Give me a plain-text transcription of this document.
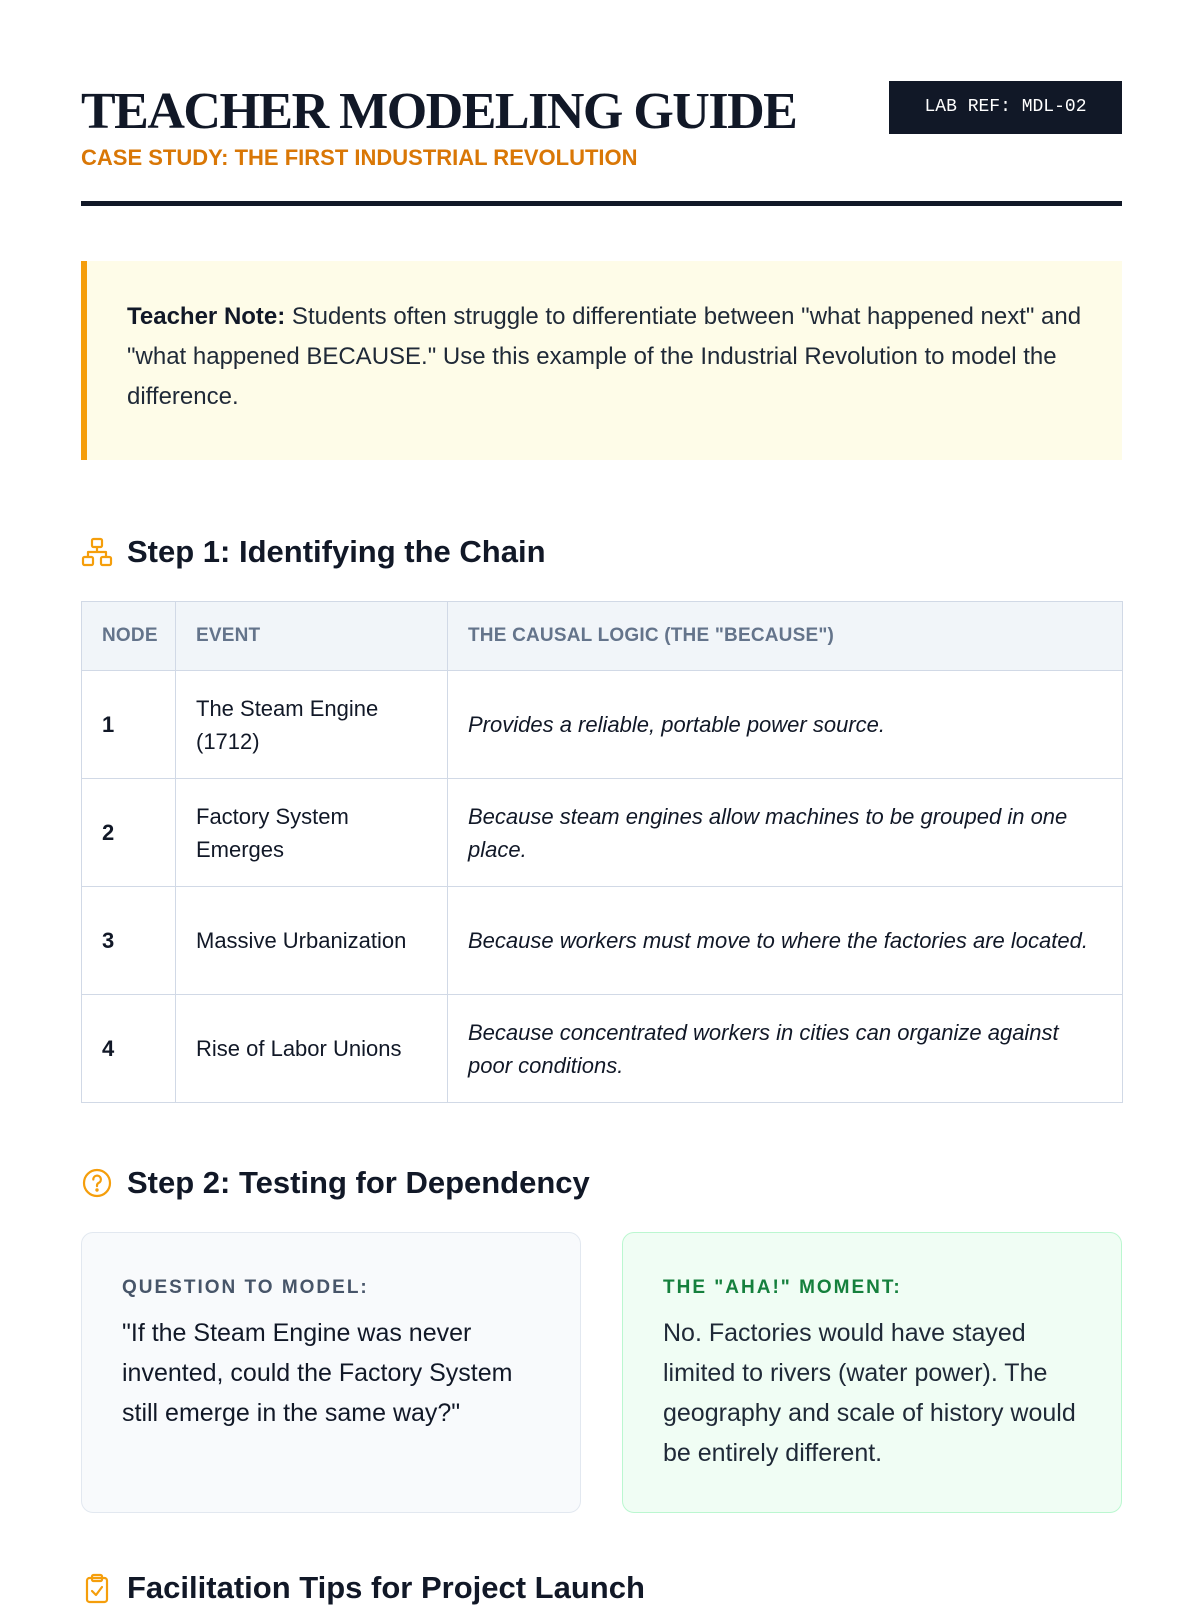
TEACHER MODELING GUIDE
CASE STUDY: THE FIRST INDUSTRIAL REVOLUTION
LAB REF: MDL-02

Teacher Note: Students often struggle to differentiate between "what happened next" and "what happened BECAUSE." Use this example of the Industrial Revolution to model the difference.

Step 1: Identifying the Chain
NODE	EVENT	THE CAUSAL LOGIC (THE "BECAUSE")
1	The Steam Engine (1712)	Provides a reliable, portable power source.
2	Factory System Emerges	Because steam engines allow machines to be grouped in one place.
3	Massive Urbanization	Because workers must move to where the factories are located.
4	Rise of Labor Unions	Because concentrated workers in cities can organize against poor conditions.
Step 2: Testing for Dependency
QUESTION TO MODEL:

"If the Steam Engine was never invented, could the Factory System still emerge in the same way?"

THE "AHA!" MOMENT:

No. Factories would have stayed limited to rivers (water power). The geography and scale of history would be entirely different.

Facilitation Tips for Project Launch
